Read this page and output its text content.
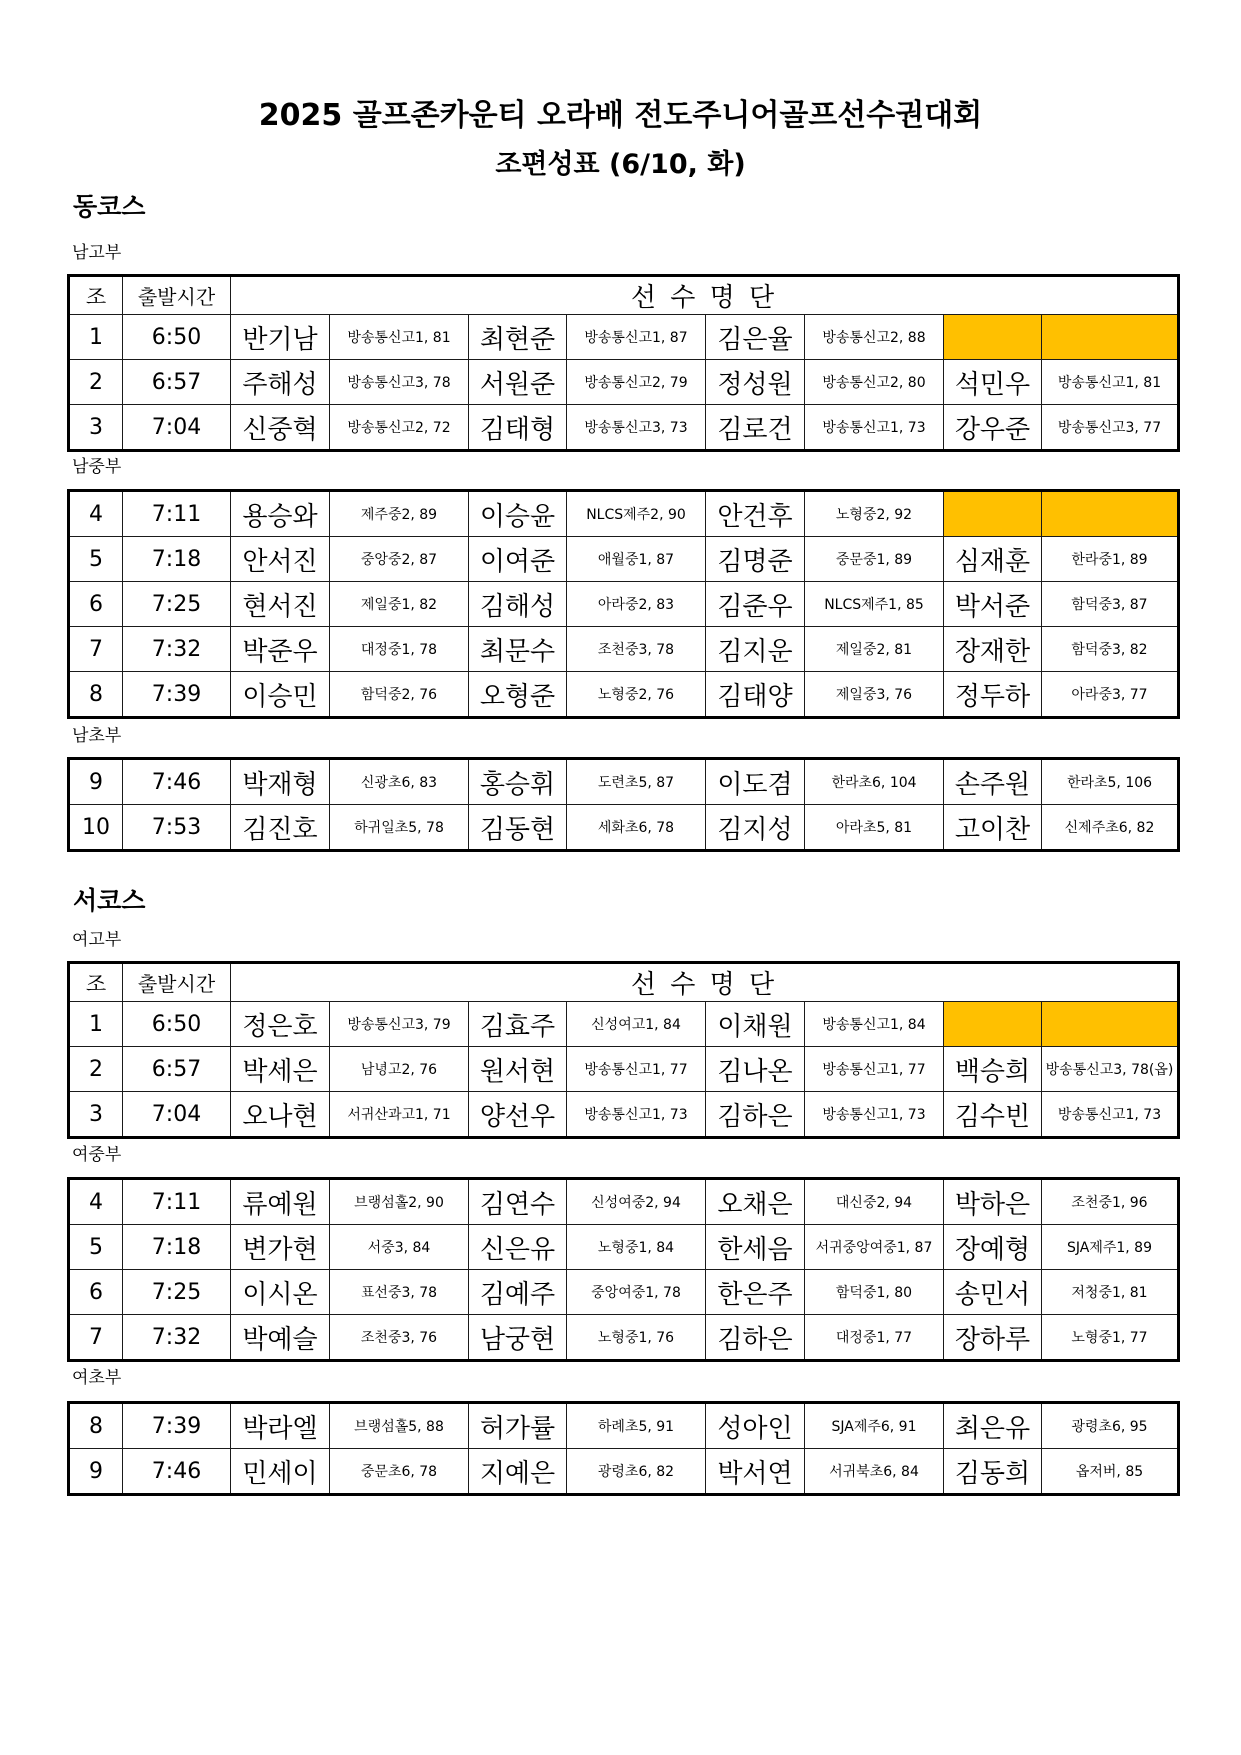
2025 골프존카운티 오라배 전도주니어골프선수권대회
조편성표 (6/10, 화)
동코스
남고부
조	출발시간	선 수 명 단							
1	6:50	반기남	방송통신고1, 81	최현준	방송통신고1, 87	김은율	방송통신고2, 88		
2	6:57	주해성	방송통신고3, 78	서원준	방송통신고2, 79	정성원	방송통신고2, 80	석민우	방송통신고1, 81
3	7:04	신중혁	방송통신고2, 72	김태형	방송통신고3, 73	김로건	방송통신고1, 73	강우준	방송통신고3, 77
남중부
4	7:11	용승와	제주중2, 89	이승윤	NLCS제주2, 90	안건후	노형중2, 92		
5	7:18	안서진	중앙중2, 87	이여준	애월중1, 87	김명준	중문중1, 89	심재훈	한라중1, 89
6	7:25	현서진	제일중1, 82	김해성	아라중2, 83	김준우	NLCS제주1, 85	박서준	함덕중3, 87
7	7:32	박준우	대정중1, 78	최문수	조천중3, 78	김지운	제일중2, 81	장재한	함덕중3, 82
8	7:39	이승민	함덕중2, 76	오형준	노형중2, 76	김태양	제일중3, 76	정두하	아라중3, 77
남초부
9	7:46	박재형	신광초6, 83	홍승휘	도련초5, 87	이도겸	한라초6, 104	손주원	한라초5, 106
10	7:53	김진호	하귀일초5, 78	김동현	세화초6, 78	김지성	아라초5, 81	고이찬	신제주초6, 82
서코스
여고부
조	출발시간	선 수 명 단							
1	6:50	정은호	방송통신고3, 79	김효주	신성여고1, 84	이채원	방송통신고1, 84		
2	6:57	박세은	남녕고2, 76	원서현	방송통신고1, 77	김나온	방송통신고1, 77	백승희	방송통신고3, 78(옵)
3	7:04	오나현	서귀산과고1, 71	양선우	방송통신고1, 73	김하은	방송통신고1, 73	김수빈	방송통신고1, 73
여중부
4	7:11	류예원	브랭섬홀2, 90	김연수	신성여중2, 94	오채은	대신중2, 94	박하은	조천중1, 96
5	7:18	변가현	서중3, 84	신은유	노형중1, 84	한세음	서귀중앙여중1, 87	장예형	SJA제주1, 89
6	7:25	이시온	표선중3, 78	김예주	중앙여중1, 78	한은주	함덕중1, 80	송민서	저청중1, 81
7	7:32	박예슬	조천중3, 76	남궁현	노형중1, 76	김하은	대정중1, 77	장하루	노형중1, 77
여초부
8	7:39	박라엘	브랭섬홀5, 88	허가률	하례초5, 91	성아인	SJA제주6, 91	최은유	광령초6, 95
9	7:46	민세이	중문초6, 78	지예은	광령초6, 82	박서연	서귀북초6, 84	김동희	옵저버, 85
